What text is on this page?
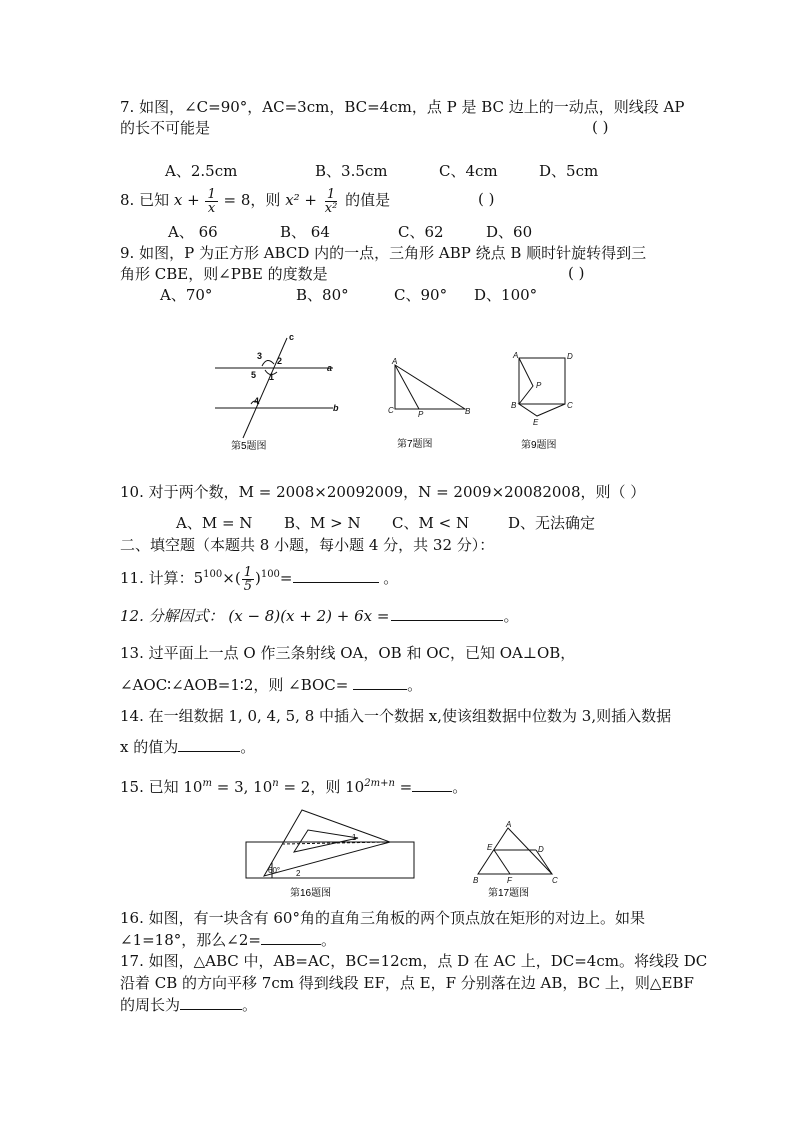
7. 如图，∠C=90°，AC=3cm，BC=4cm，点 P 是 BC 边上的一动点，则线段 AP
的长不可能是	( )
A、2.5cm	B、3.5cm	C、4cm	D、5cm
8. 已知 $x + \frac{1}{x} = 8$，则 $x^2 + \frac{1}{\text{x²}}$ 的值是	( )
A、 66	B、 64	C、62	D、60
9. 如图，P 为正方形 ABCD 内的一点，三角形 ABP 绕点 B 顺时针旋转得到三
角形 CBE，则∠PBE 的度数是	( )
A、70°	B、80°	C、90° D、100°
c
3 2
5 1
a
4
b
第5题图
A
C	P	B
第7题图
A	D
P
B	C
E
第9题图
10. 对于两个数，M = 2008×20092009，N = 2009×20082008，则（ ）
A、M = N B、M > N C、M < N	D、无法确定
二、填空题（本题共 8 小题，每小题 4 分，共 32 分）：
11. 计算：$5^{100}\times( \frac{1}{5} )^{100}=$	。
12. 分解因式： (x − 8)(x + 2) + 6x =	。
13. 过平面上一点 O 作三条射线 OA，OB 和 OC，已知 OA⊥OB，
∠AOC∶∠AOB=1∶2，则 ∠BOC=	。
14. 在一组数据 1, 0, 4, 5, 8 中插入一个数据 x,使该组数据中位数为 3,则插入数据
x 的值为	。
15. 已知 $10^m = 3$, $10^n = 2$，则 $10^{2m+n}$ =	。
1
60° 2
第16题图
A
E	D
B	F	C
第17题图
16. 如图，有一块含有 60°角的直角三角板的两个顶点放在矩形的对边上。如果
∠1=18°，那么∠2=	。
17. 如图，△ABC 中，AB=AC，BC=12cm，点 D 在 AC 上，DC=4cm。将线段 DC
沿着 CB 的方向平移 7cm 得到线段 EF，点 E，F 分别落在边 AB，BC 上，则△EBF
的周长为	。
